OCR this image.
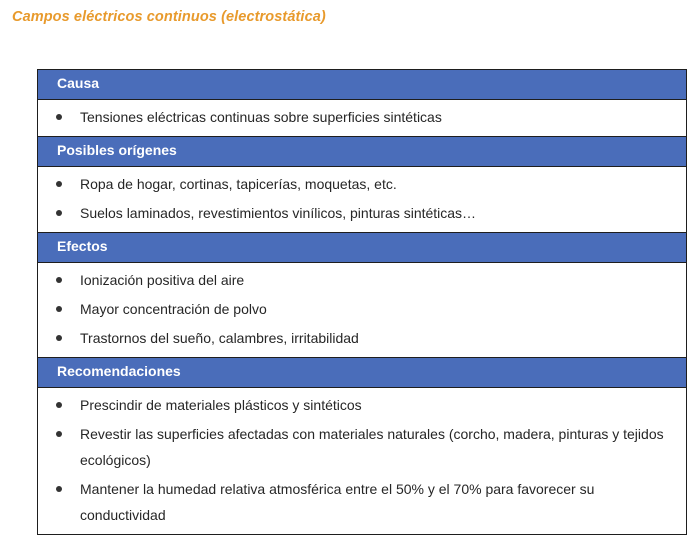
Campos eléctricos continuos (electrostática)
Causa
Tensiones eléctricas continuas sobre superficies sintéticas
Posibles orígenes
Ropa de hogar, cortinas, tapicerías, moquetas, etc.
Suelos laminados, revestimientos vinílicos, pinturas sintéticas…
Efectos
Ionización positiva del aire
Mayor concentración de polvo
Trastornos del sueño, calambres, irritabilidad
Recomendaciones
Prescindir de materiales plásticos y sintéticos
Revestir las superficies afectadas con materiales naturales (corcho, madera, pinturas y tejidos ecológicos)
Mantener la humedad relativa atmosférica entre el 50% y el 70% para favorecer su conductividad
